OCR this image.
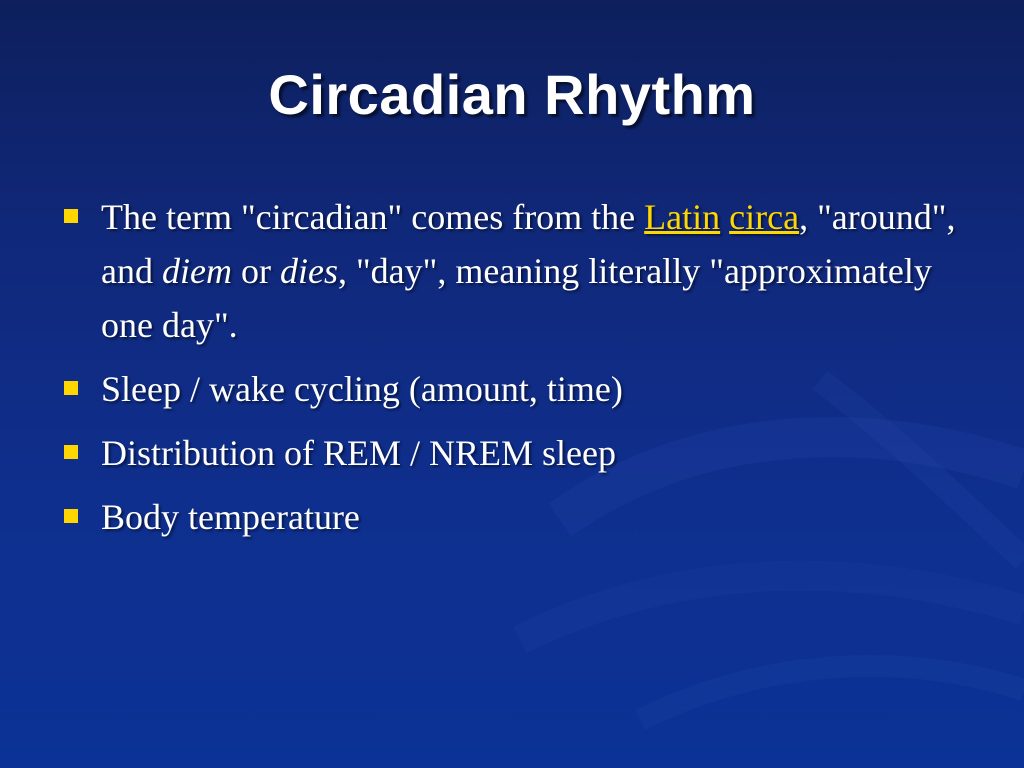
Circadian Rhythm
The term "circadian" comes from the Latin circa, "around", and diem or dies, "day", meaning literally "approximately one day".
Sleep / wake cycling (amount, time)
Distribution of REM / NREM sleep
Body temperature
